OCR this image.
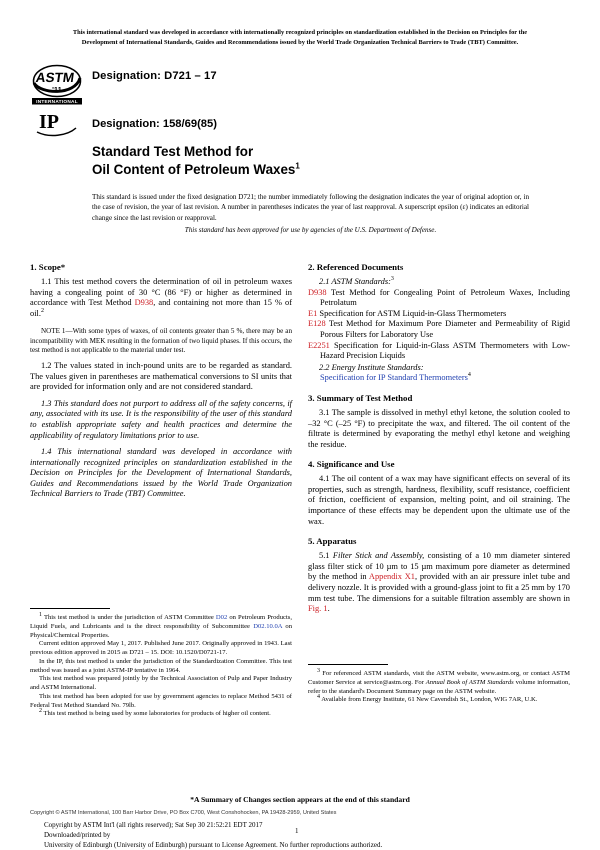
This international standard was developed in accordance with internationally recognized principles on standardization established in the Decision on Principles for the
Development of International Standards, Guides and Recommendations issued by the World Trade Organization Technical Barriers to Trade (TBT) Committee.
ASTM
'11
INTERNATIONAL
Designation: D721 – 17
IP	Designation: 158/69(85)
Standard Test Method for
Oil Content of Petroleum Waxes$^1$
This standard is issued under the fixed designation D721; the number immediately following the designation indicates the year of original adoption or, in the case of revision, the year of last revision. A number in parentheses indicates the year of last reapproval. A superscript epsilon (ε) indicates an editorial change since the last revision or reapproval.
This standard has been approved for use by agencies of the U.S. Department of Defense.
1. Scope*

1.1 This test method covers the determination of oil in petroleum waxes having a congealing point of 30 °C (86 °F) or higher as determined in accordance with Test Method D938, and containing not more than 15 % of oil.$^2$

NOTE 1—With some types of waxes, of oil contents greater than 5 %, there may be an incompatibility with MEK resulting in the formation of two liquid phases. If this occurs, the test method is not applicable to the material under test.

1.2 The values stated in inch-pound units are to be regarded as standard. The values given in parentheses are mathematical conversions to SI units that are provided for information only and are not considered standard.

1.3 This standard does not purport to address all of the safety concerns, if any, associated with its use. It is the responsibility of the user of this standard to establish appropriate safety and health practices and determine the applicability of regulatory limitations prior to use.

1.4 This international standard was developed in accordance with internationally recognized principles on standardization established in the Decision on Principles for the Development of International Standards, Guides and Recommendations issued by the World Trade Organization Technical Barriers to Trade (TBT) Committee.

$^1$ This test method is under the jurisdiction of ASTM Committee D02 on Petroleum Products, Liquid Fuels, and Lubricants and is the direct responsibility of Subcommittee D02.10.0A on Physical/Chemical Properties.

Current edition approved May 1, 2017. Published June 2017. Originally approved in 1943. Last previous edition approved in 2015 as D721 – 15. DOI: 10.1520/D0721-17.

In the IP, this test method is under the jurisdiction of the Standardization Committee. This test method was issued as a joint ASTM-IP tentative in 1964.

This test method was prepared jointly by the Technical Association of Pulp and Paper Industry and ASTM International.

This test method has been adopted for use by government agencies to replace Method 5431 of Federal Test Method Standard No. 79lb.

$^2$ This test method is being used by some laboratories for products of higher oil content.

2. Referenced Documents

2.1 ASTM Standards:$^3$

D938 Test Method for Congealing Point of Petroleum Waxes, Including Petrolatum

E1 Specification for ASTM Liquid-in-Glass Thermometers

E128 Test Method for Maximum Pore Diameter and Permeability of Rigid Porous Filters for Laboratory Use

E2251 Specification for Liquid-in-Glass ASTM Thermometers with Low-Hazard Precision Liquids

2.2 Energy Institute Standards:

Specification for IP Standard Thermometers$^4$

3. Summary of Test Method

3.1 The sample is dissolved in methyl ethyl ketone, the solution cooled to –32 °C (–25 °F) to precipitate the wax, and filtered. The oil content of the filtrate is determined by evaporating the methyl ethyl ketone and weighing the residue.

4. Significance and Use

4.1 The oil content of a wax may have significant effects on several of its properties, such as strength, hardness, flexibility, scuff resistance, coefficient of friction, coefficient of expansion, melting point, and oil straining. The importance of these effects may be dependent upon the ultimate use of the wax.

5. Apparatus

5.1 Filter Stick and Assembly, consisting of a 10 mm diameter sintered glass filter stick of 10 µm to 15 µm maximum pore diameter as determined by the method in Appendix X1, provided with an air pressure inlet tube and delivery nozzle. It is provided with a ground-glass joint to fit a 25 mm by 170 mm test tube. The dimensions for a suitable filtration assembly are shown in Fig. 1.

$^3$ For referenced ASTM standards, visit the ASTM website, www.astm.org, or contact ASTM Customer Service at service@astm.org. For Annual Book of ASTM Standards volume information, refer to the standard's Document Summary page on the ASTM website.

$^4$ Available from Energy Institute, 61 New Cavendish St., London, WIG 7AR, U.K.

*A Summary of Changes section appears at the end of this standard
Copyright © ASTM International, 100 Barr Harbor Drive, PO Box C700, West Conshohocken, PA 19428-2959, United States
Copyright by ASTM Int'l (all rights reserved); Sat Sep 30 21:52:21 EDT 2017
Downloaded/printed by
University of Edinburgh (University of Edinburgh) pursuant to License Agreement. No further reproductions authorized.
1
